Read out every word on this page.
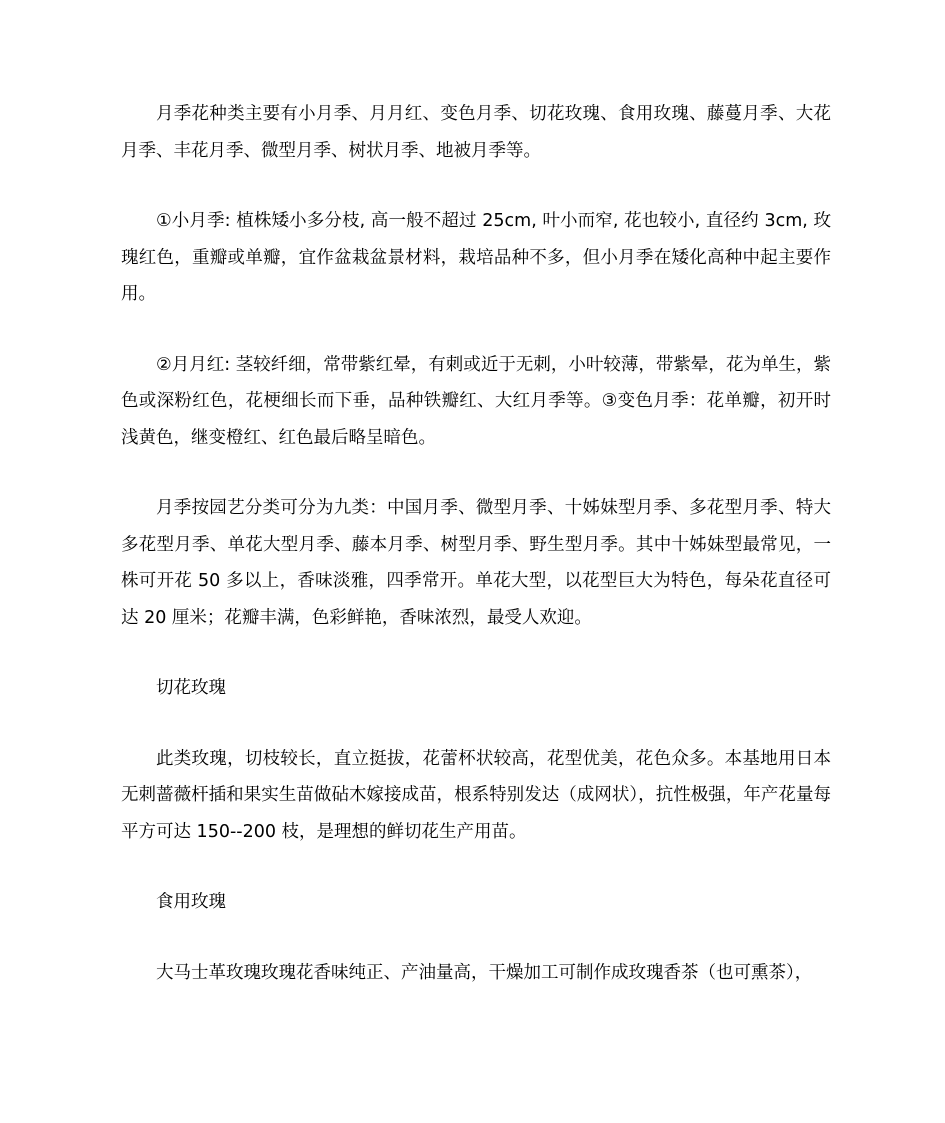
月季花种类主要有小月季、月月红、变色月季、切花玫瑰、食用玫瑰、藤蔓月季、大花月季、丰花月季、微型月季、树状月季、地被月季等。

①小月季: 植株矮小多分枝, 高一般不超过 25cm, 叶小而窄, 花也较小, 直径约 3cm, 玫瑰红色，重瓣或单瓣，宜作盆栽盆景材料，栽培品种不多，但小月季在矮化高种中起主要作用。

②月月红: 茎较纤细，常带紫红晕，有刺或近于无刺，小叶较薄，带紫晕，花为单生，紫色或深粉红色，花梗细长而下垂，品种铁瓣红、大红月季等。③变色月季：花单瓣，初开时浅黄色，继变橙红、红色最后略呈暗色。

月季按园艺分类可分为九类：中国月季、微型月季、十姊妹型月季、多花型月季、特大多花型月季、单花大型月季、藤本月季、树型月季、野生型月季。其中十姊妹型最常见，一株可开花 50 多以上，香味淡雅，四季常开。单花大型，以花型巨大为特色，每朵花直径可达 20 厘米；花瓣丰满，色彩鲜艳，香味浓烈，最受人欢迎。

切花玫瑰

此类玫瑰，切枝较长，直立挺拔，花蕾杯状较高，花型优美，花色众多。本基地用日本无刺蔷薇杆插和果实生苗做砧木嫁接成苗，根系特别发达（成网状），抗性极强，年产花量每平方可达 150--200 枝，是理想的鲜切花生产用苗。

食用玫瑰

大马士革玫瑰玫瑰花香味纯正、产油量高，干燥加工可制作成玫瑰香茶（也可熏茶），
